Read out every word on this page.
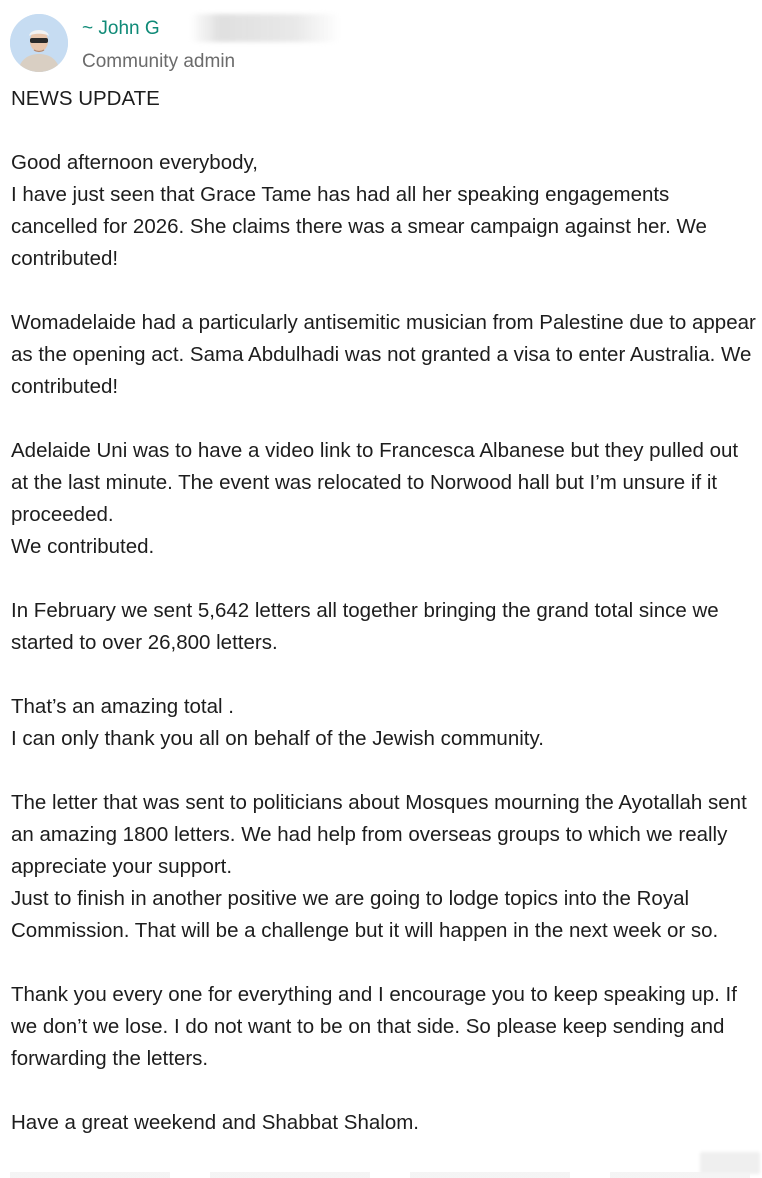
~ John G
Community admin

NEWS UPDATE

Good afternoon everybody,

I have just seen that Grace Tame has had all her speaking engagements cancelled for 2026. She claims there was a smear campaign against her. We contributed!

Womadelaide had a particularly antisemitic musician from Palestine due to appear as the opening act. Sama Abdulhadi was not granted a visa to enter Australia. We contributed!

Adelaide Uni was to have a video link to Francesca Albanese but they pulled out at the last minute. The event was relocated to Norwood hall but I’m unsure if it proceeded.

We contributed.

In February we sent 5,642 letters all together bringing the grand total since we started to over 26,800 letters.

That’s an amazing total .

I can only thank you all on behalf of the Jewish community.

The letter that was sent to politicians about Mosques mourning the Ayotallah sent an amazing 1800 letters. We had help from overseas groups to which we really appreciate your support.

Just to finish in another positive we are going to lodge topics into the Royal Commission. That will be a challenge but it will happen in the next week or so.

Thank you every one for everything and I encourage you to keep speaking up. If we don’t we lose. I do not want to be on that side. So please keep sending and forwarding the letters.

Have a great weekend and Shabbat Shalom.
